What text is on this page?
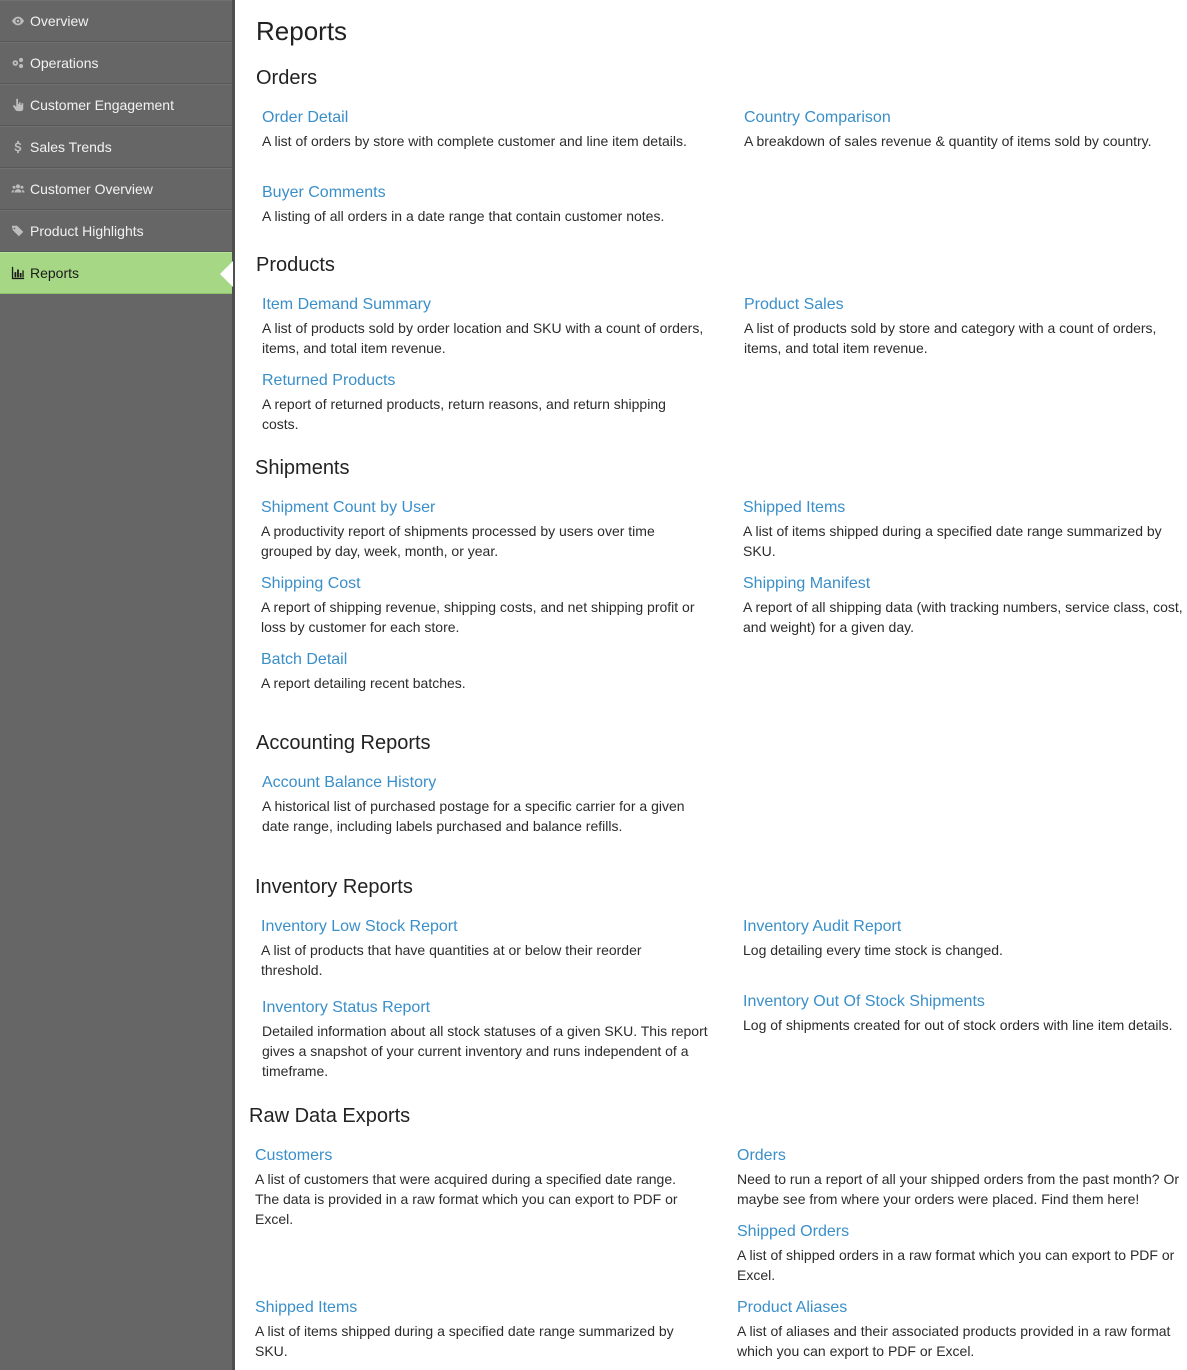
Overview
Operations
Customer Engagement
Sales Trends
Customer Overview
Product Highlights
Reports
Reports
Orders
Order Detail

A list of orders by store with complete customer and line item details.

Country Comparison

A breakdown of sales revenue & quantity of items sold by country.

Buyer Comments

A listing of all orders in a date range that contain customer notes.

Products
Item Demand Summary

A list of products sold by order location and SKU with a count of orders, items, and total item revenue.

Product Sales

A list of products sold by store and category with a count of orders, items, and total item revenue.

Returned Products

A report of returned products, return reasons, and return shipping costs.

Shipments
Shipment Count by User

A productivity report of shipments processed by users over time grouped by day, week, month, or year.

Shipped Items

A list of items shipped during a specified date range summarized by SKU.

Shipping Cost

A report of shipping revenue, shipping costs, and net shipping profit or loss by customer for each store.

Shipping Manifest

A report of all shipping data (with tracking numbers, service class, cost, and weight) for a given day.

Batch Detail

A report detailing recent batches.

Accounting Reports
Account Balance History

A historical list of purchased postage for a specific carrier for a given date range, including labels purchased and balance refills.

Inventory Reports
Inventory Low Stock Report

A list of products that have quantities at or below their reorder threshold.

Inventory Audit Report

Log detailing every time stock is changed.

Inventory Status Report

Detailed information about all stock statuses of a given SKU. This report gives a snapshot of your current inventory and runs independent of a timeframe.

Inventory Out Of Stock Shipments

Log of shipments created for out of stock orders with line item details.

Raw Data Exports
Customers

A list of customers that were acquired during a specified date range. The data is provided in a raw format which you can export to PDF or Excel.

Orders

Need to run a report of all your shipped orders from the past month? Or maybe see from where your orders were placed. Find them here!

Shipped Orders

A list of shipped orders in a raw format which you can export to PDF or Excel.

Shipped Items

A list of items shipped during a specified date range summarized by SKU.

Product Aliases

A list of aliases and their associated products provided in a raw format which you can export to PDF or Excel.
